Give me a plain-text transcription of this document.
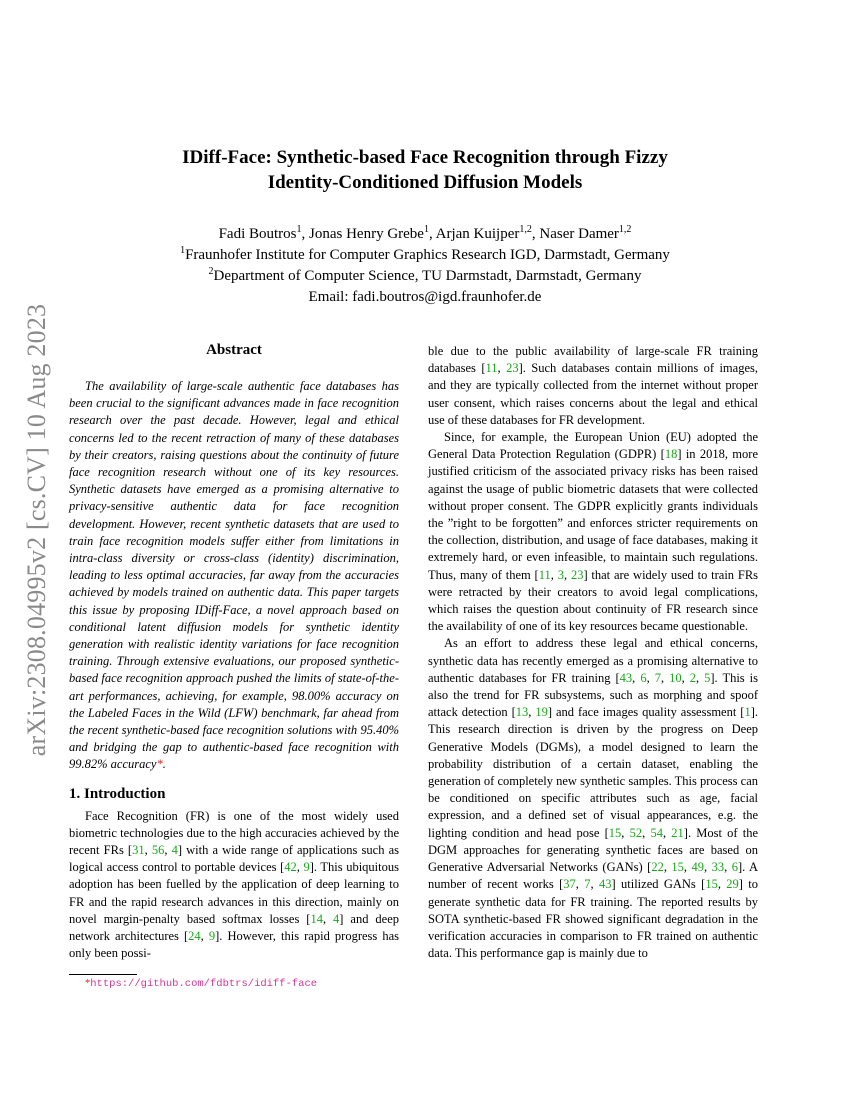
arXiv:2308.04995v2 [cs.CV] 10 Aug 2023
IDiff-Face: Synthetic-based Face Recognition through Fizzy
Identity-Conditioned Diffusion Models
Fadi Boutros$^1$, Jonas Henry Grebe$^1$, Arjan Kuijper$^{1,2}$, Naser Damer$^{1,2}$
$^1$Fraunhofer Institute for Computer Graphics Research IGD, Darmstadt, Germany
$^2$Department of Computer Science, TU Darmstadt, Darmstadt, Germany
Email: fadi.boutros@igd.fraunhofer.de
Abstract

The availability of large-scale authentic face databases has been crucial to the significant advances made in face recognition research over the past decade. However, legal and ethical concerns led to the recent retraction of many of these databases by their creators, raising questions about the continuity of future face recognition research without one of its key resources. Synthetic datasets have emerged as a promising alternative to privacy-sensitive authentic data for face recognition development. However, recent synthetic datasets that are used to train face recognition models suffer either from limitations in intra-class diversity or cross-class (identity) discrimination, leading to less optimal accuracies, far away from the accuracies achieved by models trained on authentic data. This paper targets this issue by proposing IDiff-Face, a novel approach based on conditional latent diffusion models for synthetic identity generation with realistic identity variations for face recognition training. Through extensive evaluations, our proposed synthetic-based face recognition approach pushed the limits of state-of-the-art performances, achieving, for example, 98.00% accuracy on the Labeled Faces in the Wild (LFW) benchmark, far ahead from the recent synthetic-based face recognition solutions with 95.40% and bridging the gap to authentic-based face recognition with 99.82% accuracy*.

1. Introduction

Face Recognition (FR) is one of the most widely used biometric technologies due to the high accuracies achieved by the recent FRs [31, 56, 4] with a wide range of applications such as logical access control to portable devices [42, 9]. This ubiquitous adoption has been fuelled by the application of deep learning to FR and the rapid research advances in this direction, mainly on novel margin-penalty based softmax losses [14, 4] and deep network architectures [24, 9]. However, this rapid progress has only been possi-

ble due to the public availability of large-scale FR training databases [11, 23]. Such databases contain millions of images, and they are typically collected from the internet without proper user consent, which raises concerns about the legal and ethical use of these databases for FR development.

Since, for example, the European Union (EU) adopted the General Data Protection Regulation (GDPR) [18] in 2018, more justified criticism of the associated privacy risks has been raised against the usage of public biometric datasets that were collected without proper consent. The GDPR explicitly grants individuals the ”right to be forgotten” and enforces stricter requirements on the collection, distribution, and usage of face databases, making it extremely hard, or even infeasible, to maintain such regulations. Thus, many of them [11, 3, 23] that are widely used to train FRs were retracted by their creators to avoid legal complications, which raises the question about continuity of FR research since the availability of one of its key resources became questionable.

As an effort to address these legal and ethical concerns, synthetic data has recently emerged as a promising alternative to authentic databases for FR training [43, 6, 7, 10, 2, 5]. This is also the trend for FR subsystems, such as morphing and spoof attack detection [13, 19] and face images quality assessment [1]. This research direction is driven by the progress on Deep Generative Models (DGMs), a model designed to learn the probability distribution of a certain dataset, enabling the generation of completely new synthetic samples. This process can be conditioned on specific attributes such as age, facial expression, and a defined set of visual appearances, e.g. the lighting condition and head pose [15, 52, 54, 21]. Most of the DGM approaches for generating synthetic faces are based on Generative Adversarial Networks (GANs) [22, 15, 49, 33, 6]. A number of recent works [37, 7, 43] utilized GANs [15, 29] to generate synthetic data for FR training. The reported results by SOTA synthetic-based FR showed significant degradation in the verification accuracies in comparison to FR trained on authentic data. This performance gap is mainly due to

*https://github.com/fdbtrs/idiff-face
